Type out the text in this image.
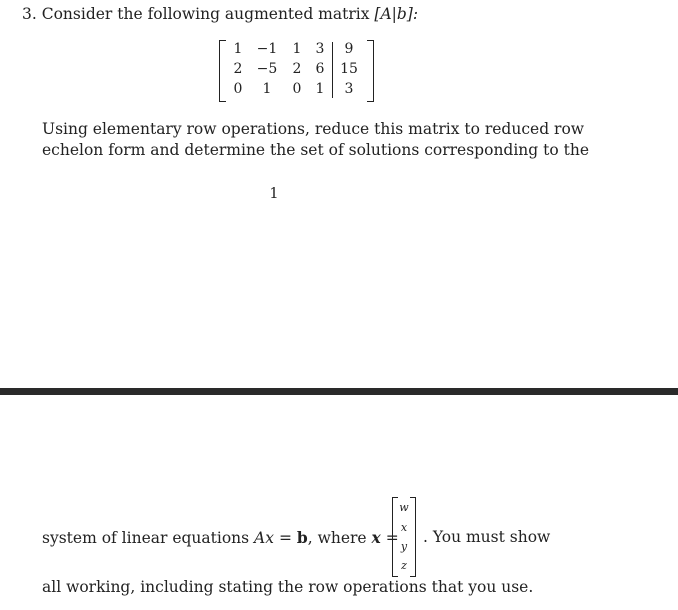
3. Consider the following augmented matrix [A|b]:
1	−1	1	3	9
2	−5	2	6	15
0	1	0	1	3
Using elementary row operations, reduce this matrix to reduced row
echelon form and determine the set of solutions corresponding to the
1
system of linear equations Ax = b, where x =
w
x
y
z
. You must show
all working, including stating the row operations that you use.
